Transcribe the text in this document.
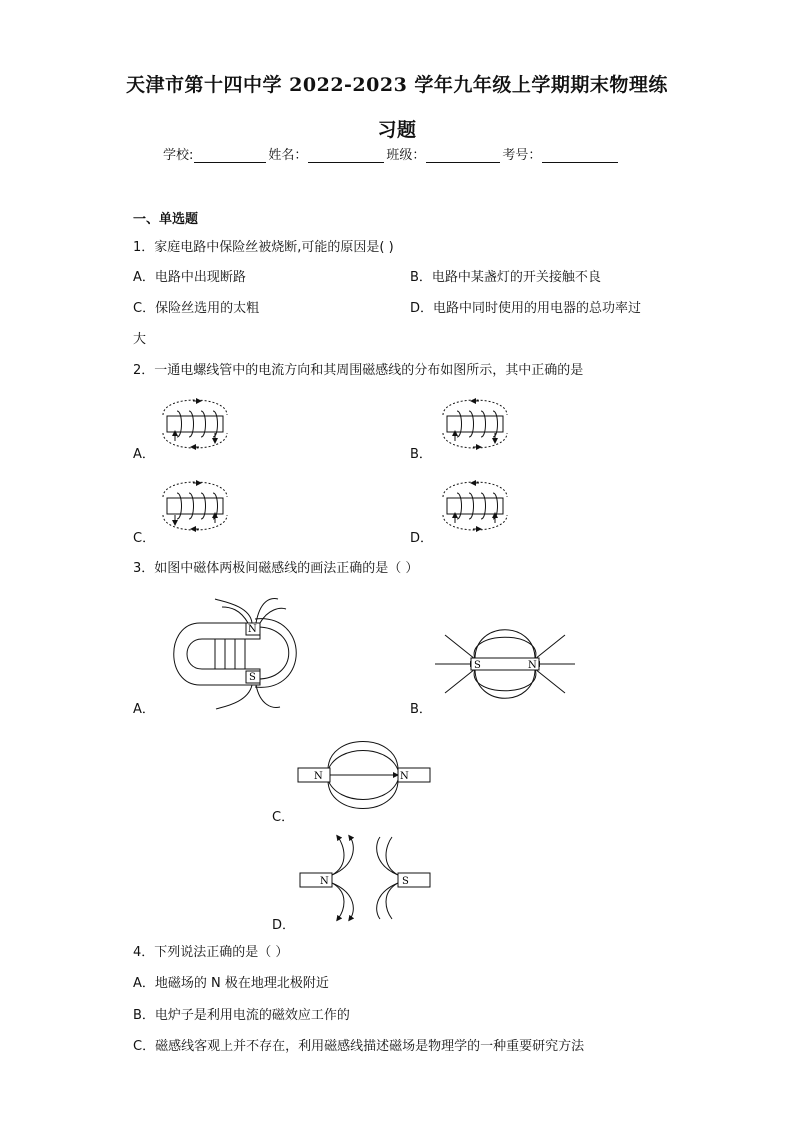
天津市第十四中学 2022-2023 学年九年级上学期期末物理练
习题
学校:	姓名：	班级：	考号：
一、单选题
1．家庭电路中保险丝被烧断,可能的原因是( )
A．电路中出现断路	B．电路中某盏灯的开关接触不良
C．保险丝选用的太粗	D．电路中同时使用的用电器的总功率过
大
2．一通电螺线管中的电流方向和其周围磁感线的分布如图所示，其中正确的是
A．	B．
C．	D．
3．如图中磁体两极间磁感线的画法正确的是（ ）
A．	B．
C．
D．
N
S
S	N
N	N
N	S
4．下列说法正确的是（ ）
A．地磁场的 N 极在地理北极附近
B．电炉子是利用电流的磁效应工作的
C．磁感线客观上并不存在，利用磁感线描述磁场是物理学的一种重要研究方法
